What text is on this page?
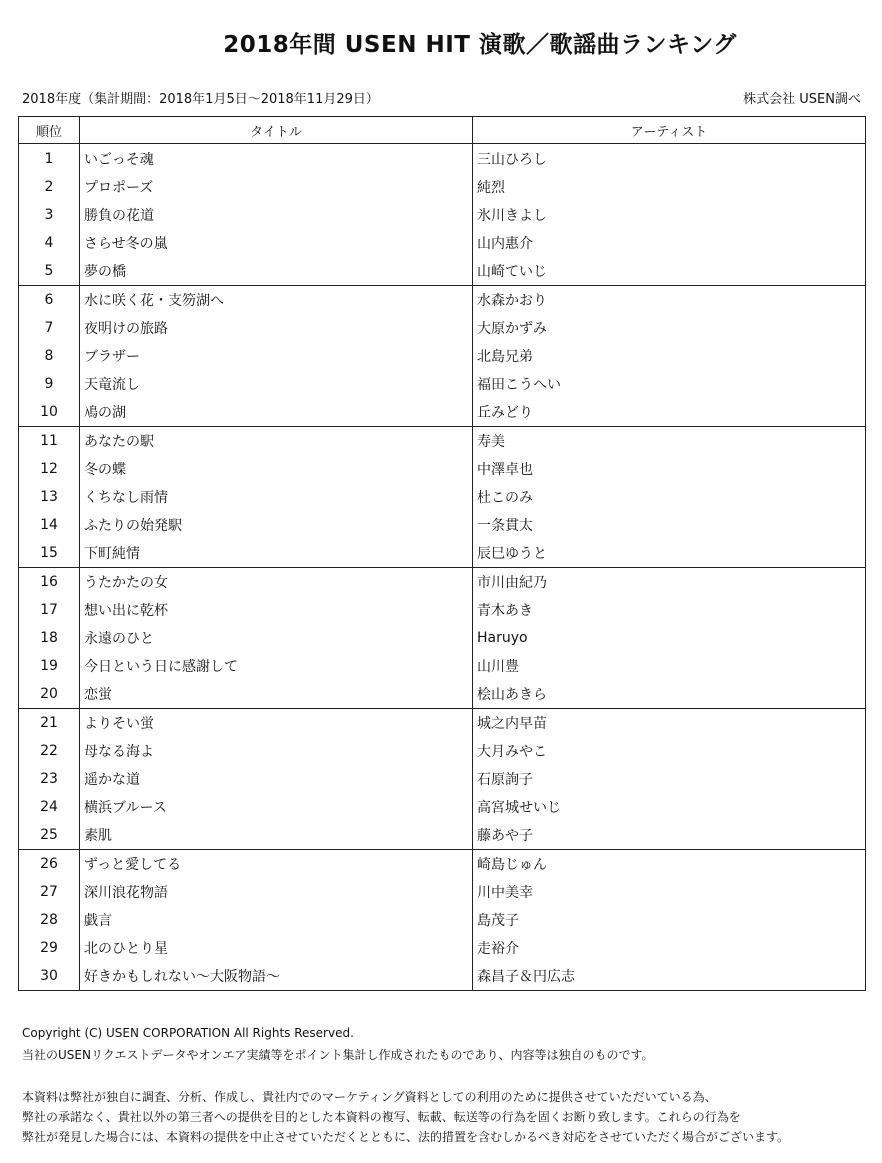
2018年間 USEN HIT 演歌／歌謡曲ランキング
2018年度（集計期間：2018年1月5日～2018年11月29日）	株式会社 USEN調べ
順位	タイトル	アーティスト
1	いごっそ魂	三山ひろし
2	プロポーズ	純烈
3	勝負の花道	氷川きよし
4	さらせ冬の嵐	山内惠介
5	夢の橋	山崎ていじ
6	水に咲く花・支笏湖へ	水森かおり
7	夜明けの旅路	大原かずみ
8	ブラザー	北島兄弟
9	天竜流し	福田こうへい
10	鳰の湖	丘みどり
11	あなたの駅	寿美
12	冬の蝶	中澤卓也
13	くちなし雨情	杜このみ
14	ふたりの始発駅	一条貫太
15	下町純情	辰巳ゆうと
16	うたかたの女	市川由紀乃
17	想い出に乾杯	青木あき
18	永遠のひと	Haruyo
19	今日という日に感謝して	山川豊
20	恋蛍	桧山あきら
21	よりそい蛍	城之内早苗
22	母なる海よ	大月みやこ
23	遥かな道	石原詢子
24	横浜ブルース	高宮城せいじ
25	素肌	藤あや子
26	ずっと愛してる	崎島じゅん
27	深川浪花物語	川中美幸
28	戯言	島茂子
29	北のひとり星	走裕介
30	好きかもしれない～大阪物語～	森昌子＆円広志
Copyright (C) USEN CORPORATION All Rights Reserved.
当社のUSENリクエストデータやオンエア実績等をポイント集計し作成されたものであり、内容等は独自のものです。
本資料は弊社が独自に調査、分析、作成し、貴社内でのマーケティング資料としての利用のために提供させていただいている為、
弊社の承諾なく、貴社以外の第三者への提供を目的とした本資料の複写、転載、転送等の行為を固くお断り致します。これらの行為を
弊社が発見した場合には、本資料の提供を中止させていただくとともに、法的措置を含むしかるべき対応をさせていただく場合がございます。
